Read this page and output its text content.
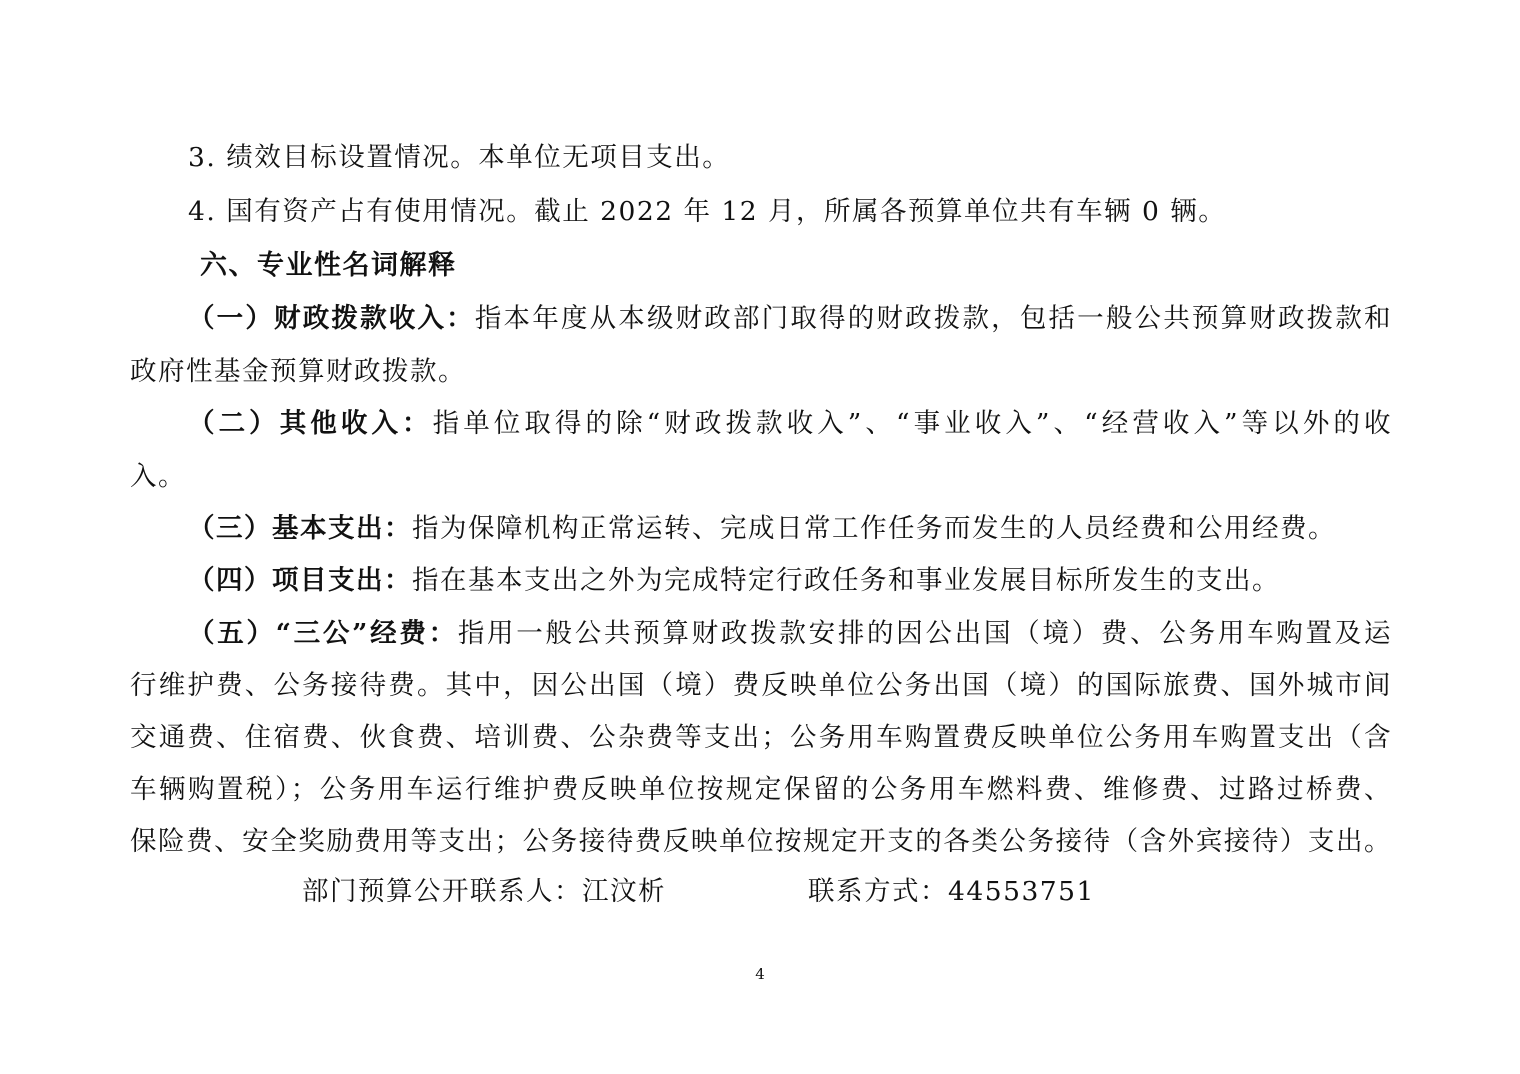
3. 绩效目标设置情况。本单位无项目支出。
4. 国有资产占有使用情况。截止 2022 年 12 月，所属各预算单位共有车辆 0 辆。
六、专业性名词解释
（一）财政拨款收入：指本年度从本级财政部门取得的财政拨款，包括一般公共预算财政拨款和
政府性基金预算财政拨款。
（二）其他收入：指单位取得的除“财政拨款收入”、“事业收入”、“经营收入”等以外的收
入。
（三）基本支出：指为保障机构正常运转、完成日常工作任务而发生的人员经费和公用经费。
（四）项目支出：指在基本支出之外为完成特定行政任务和事业发展目标所发生的支出。
（五）“三公”经费：指用一般公共预算财政拨款安排的因公出国（境）费、公务用车购置及运
行维护费、公务接待费。其中，因公出国（境）费反映单位公务出国（境）的国际旅费、国外城市间
交通费、住宿费、伙食费、培训费、公杂费等支出；公务用车购置费反映单位公务用车购置支出（含
车辆购置税）；公务用车运行维护费反映单位按规定保留的公务用车燃料费、维修费、过路过桥费、
保险费、安全奖励费用等支出；公务接待费反映单位按规定开支的各类公务接待（含外宾接待）支出。
部门预算公开联系人：江汶析	联系方式：44553751
4
